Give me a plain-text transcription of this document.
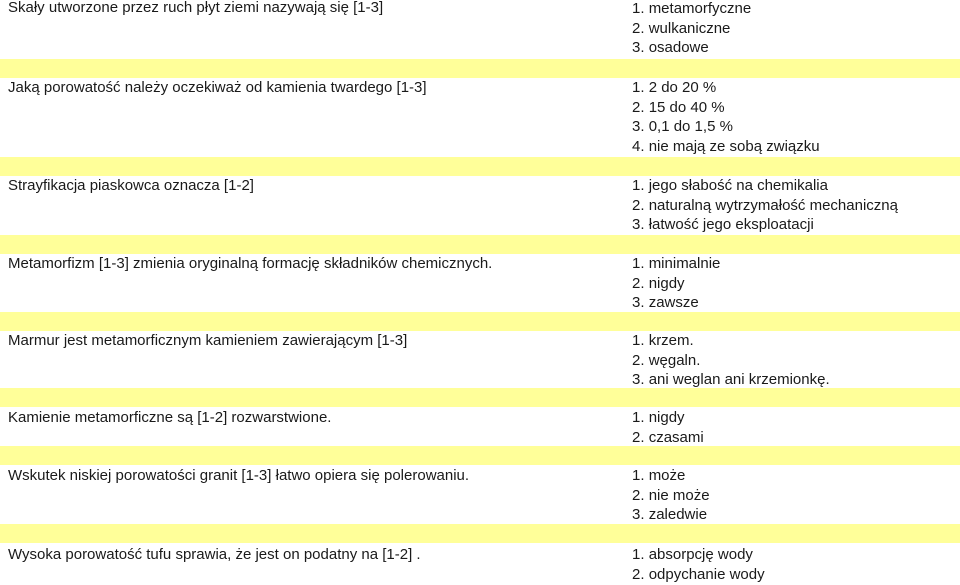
Skały utworzone przez ruch płyt ziemi nazywają się [1-3]	1 . metamorfyczne
2 . wulkaniczne
3 . osadowe
Jaką porowatość należy oczekiważ od kamienia twardego [1-3]	1 . 2 do 20 %
2 . 15 do 40 %
3 . 0,1 do 1,5 %
4 . nie mają ze sobą związku
Strayfikacja piaskowca oznacza [1-2]	1 . jego słabość na chemikalia
2 . naturalną wytrzymałość mechaniczną
3 . łatwość jego eksploatacji
Metamorfizm [1-3] zmienia oryginalną formację składników chemicznych.	1 . minimalnie
2 . nigdy
3 . zawsze
Marmur jest metamorficznym kamieniem zawierającym [1-3]	1 . krzem.
2 . węgaln.
3 . ani weglan ani krzemionkę.
Kamienie metamorficzne są [1-2] rozwarstwione.	1 . nigdy
2 . czasami
Wskutek niskiej porowatości granit [1-3] łatwo opiera się polerowaniu.	1 . może
2 . nie może
3 . zaledwie
Wysoka porowatość tufu sprawia, że jest on podatny na [1-2] .	1 . absorpcję wody
2 . odpychanie wody
